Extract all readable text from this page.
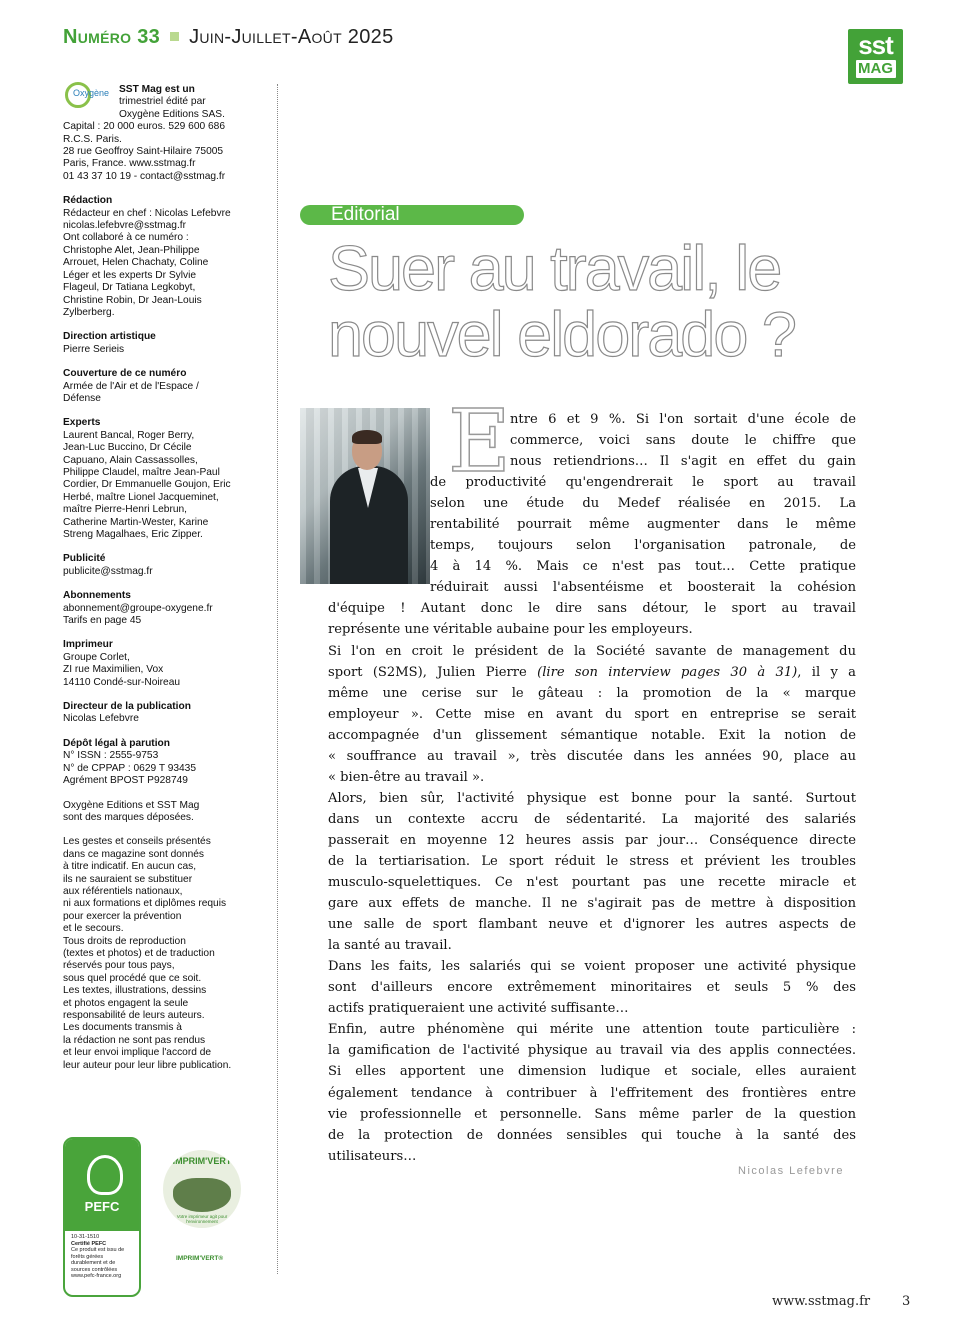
Numéro 33 Juin-Juillet-Août 2025	sst
MAG
Oxygène SST Mag est un
trimestriel édité par
Oxygène Editions SAS.
Capital : 20 000 euros. 529 600 686
R.C.S. Paris.
28 rue Geoffroy Saint-Hilaire 75005
Paris, France. www.sstmag.fr
01 43 37 10 19 - contact@sstmag.fr
Rédaction
Rédacteur en chef : Nicolas Lefebvre
nicolas.lefebvre@sstmag.fr
Ont collaboré à ce numéro :
Christophe Alet, Jean-Philippe
Arrouet, Helen Chachaty, Coline
Léger et les experts Dr Sylvie
Flageul, Dr Tatiana Legkobyt,
Christine Robin, Dr Jean-Louis
Zylberberg.
Direction artistique
Pierre Serieis
Couverture de ce numéro
Armée de l'Air et de l'Espace /
Défense
Experts
Laurent Bancal, Roger Berry,
Jean-Luc Buccino, Dr Cécile
Capuano, Alain Cassassolles,
Philippe Claudel, maître Jean-Paul
Cordier, Dr Emmanuelle Goujon, Eric
Herbé, maître Lionel Jacqueminet,
maître Pierre-Henri Lebrun,
Catherine Martin-Wester, Karine
Streng Magalhaes, Eric Zipper.
Publicité
publicite@sstmag.fr
Abonnements
abonnement@groupe-oxygene.fr
Tarifs en page 45
Imprimeur
Groupe Corlet,
ZI rue Maximilien, Vox
14110 Condé-sur-Noireau
Directeur de la publication
Nicolas Lefebvre
Dépôt légal à parution
N° ISSN : 2555-9753
N° de CPPAP : 0629 T 93435
Agrément BPOST P928749
Oxygène Editions et SST Mag
sont des marques déposées.
Les gestes et conseils présentés
dans ce magazine sont donnés
à titre indicatif. En aucun cas,
ils ne sauraient se substituer
aux référentiels nationaux,
ni aux formations et diplômes requis
pour exercer la prévention
et le secours.
Tous droits de reproduction
(textes et photos) et de traduction
réservés pour tous pays,
sous quel procédé que ce soit.
Les textes, illustrations, dessins
et photos engagent la seule
responsabilité de leurs auteurs.
Les documents transmis à
la rédaction ne sont pas rendus
et leur envoi implique l'accord de
leur auteur pour leur libre publication.
PEFC
10-31-1510
Certifié PEFC
Ce produit est issu de
forêts gérées
durablement et de
sources contrôlées
www.pefc-france.org
IMPRIM'VERT
Votre imprimeur agit pour l'environnement
IMPRIM'VERT®
Editorial
Suer au travail, le
nouvel eldorado ?
E ntre 6 et 9 %. Si l'on sortait d'une école de
commerce, voici sans doute le chiffre que
nous retiendrions… Il s'agit en effet du gain
de productivité qu'engendrerait le sport au travail
selon une étude du Medef réalisée en 2015. La
rentabilité pourrait même augmenter dans le même
temps, toujours selon l'organisation patronale, de
4 à 14 %. Mais ce n'est pas tout… Cette pratique
réduirait aussi l'absentéisme et boosterait la cohésion
d'équipe ! Autant donc le dire sans détour, le sport au travail
représente une véritable aubaine pour les employeurs.
Si l'on en croit le président de la Société savante de management du
sport (S2MS), Julien Pierre (lire son interview pages 30 à 31), il y a
même une cerise sur le gâteau : la promotion de la « marque
employeur ». Cette mise en avant du sport en entreprise se serait
accompagnée d'un glissement sémantique notable. Exit la notion de
« souffrance au travail », très discutée dans les années 90, place au
« bien-être au travail ».
Alors, bien sûr, l'activité physique est bonne pour la santé. Surtout
dans un contexte accru de sédentarité. La majorité des salariés
passerait en moyenne 12 heures assis par jour… Conséquence directe
de la tertiarisation. Le sport réduit le stress et prévient les troubles
musculo-squelettiques. Ce n'est pourtant pas une recette miracle et
gare aux effets de manche. Il ne s'agirait pas de mettre à disposition
une salle de sport flambant neuve et d'ignorer les autres aspects de
la santé au travail.
Dans les faits, les salariés qui se voient proposer une activité physique
sont d'ailleurs encore extrêmement minoritaires et seuls 5 % des
actifs pratiqueraient une activité suffisante…
Enfin, autre phénomène qui mérite une attention toute particulière :
la gamification de l'activité physique au travail via des applis connectées.
Si elles apportent une dimension ludique et sociale, elles auraient
également tendance à contribuer à l'effritement des frontières entre
vie professionnelle et personnelle. Sans même parler de la question
de la protection de données sensibles qui touche à la santé des
utilisateurs…
Nicolas Lefebvre
www.sstmag.fr 3
